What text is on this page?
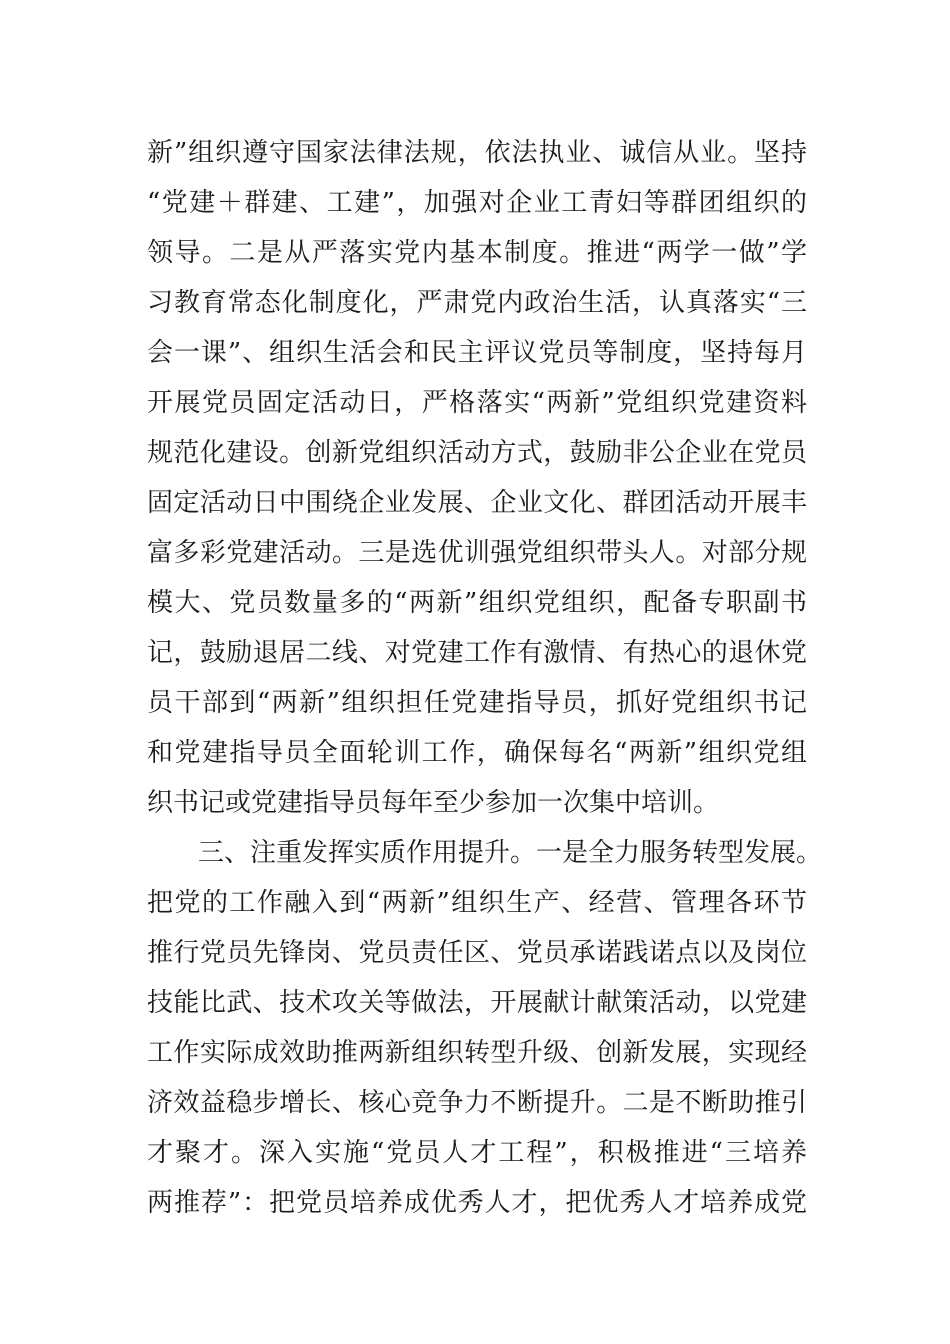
新”组织遵守国家法律法规，依法执业、诚信从业。坚持
“党建＋群建、工建”，加强对企业工青妇等群团组织的
领导。二是从严落实党内基本制度。推进“两学一做”学
习教育常态化制度化，严肃党内政治生活，认真落实“三
会一课”、组织生活会和民主评议党员等制度，坚持每月
开展党员固定活动日，严格落实“两新”党组织党建资料
规范化建设。创新党组织活动方式，鼓励非公企业在党员
固定活动日中围绕企业发展、企业文化、群团活动开展丰
富多彩党建活动。三是选优训强党组织带头人。对部分规
模大、党员数量多的“两新”组织党组织，配备专职副书
记，鼓励退居二线、对党建工作有激情、有热心的退休党
员干部到“两新”组织担任党建指导员，抓好党组织书记
和党建指导员全面轮训工作，确保每名“两新”组织党组
织书记或党建指导员每年至少参加一次集中培训。
三、注重发挥实质作用提升。一是全力服务转型发展。
把党的工作融入到“两新”组织生产、经营、管理各环节
推行党员先锋岗、党员责任区、党员承诺践诺点以及岗位
技能比武、技术攻关等做法，开展献计献策活动，以党建
工作实际成效助推两新组织转型升级、创新发展，实现经
济效益稳步增长、核心竞争力不断提升。二是不断助推引
才聚才。深入实施“党员人才工程”，积极推进“三培养
两推荐”：把党员培养成优秀人才，把优秀人才培养成党
